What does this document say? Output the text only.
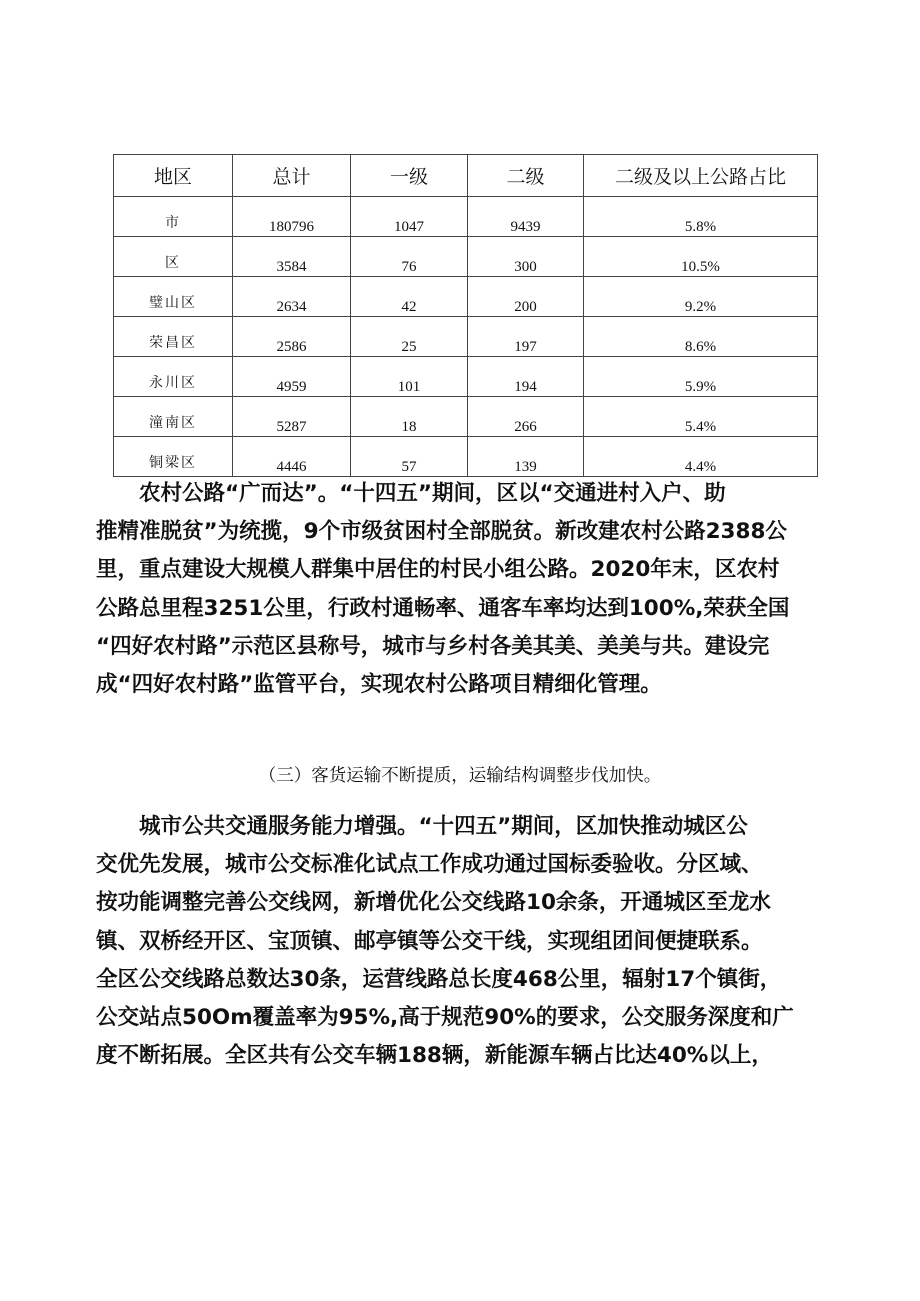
地区	总计	一级	二级	二级及以上公路占比
市	180796	1047	9439	5.8%
区	3584	76	300	10.5%
璧山区	2634	42	200	9.2%
荣昌区	2586	25	197	8.6%
永川区	4959	101	194	5.9%
潼南区	5287	18	266	5.4%
铜梁区	4446	57	139	4.4%
农村公路“广而达”。“十四五”期间，区以“交通进村入户、助
推精准脱贫”为统揽，9个市级贫困村全部脱贫。新改建农村公路2388公
里，重点建设大规模人群集中居住的村民小组公路。2020年末，区农村
公路总里程3251公里，行政村通畅率、通客车率均达到100%,荣获全国
“四好农村路”示范区县称号，城市与乡村各美其美、美美与共。建设完
成“四好农村路”监管平台，实现农村公路项目精细化管理。

（三）客货运输不断提质，运输结构调整步伐加快。

城市公共交通服务能力增强。“十四五”期间，区加快推动城区公
交优先发展，城市公交标准化试点工作成功通过国标委验收。分区域、
按功能调整完善公交线网，新增优化公交线路10余条，开通城区至龙水
镇、双桥经开区、宝顶镇、邮亭镇等公交干线，实现组团间便捷联系。
全区公交线路总数达30条，运营线路总长度468公里，辐射17个镇街，
公交站点50Om覆盖率为95%,高于规范90%的要求，公交服务深度和广
度不断拓展。全区共有公交车辆188辆，新能源车辆占比达40%以上，
